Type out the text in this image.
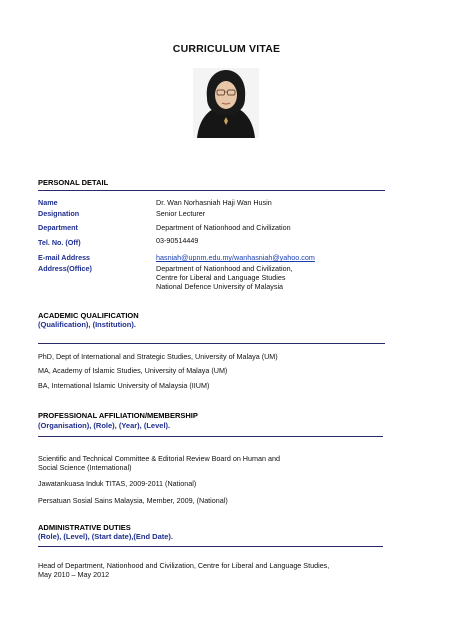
CURRICULUM VITAE
PERSONAL DETAIL
Name	Dr. Wan Norhasniah Haji Wan Husin
Designation	Senior Lecturer
Department	Department of Nationhood and Civilization
Tel. No. (Off)	03-90514449
E-mail Address	hasniah@upnm.edu.my/wanhasniah@yahoo.com
Address(Office)	Department of Nationhood and Civilization,
Centre for Liberal and Language Studies
National Defence University of Malaysia
ACADEMIC QUALIFICATION
(Qualification), (Institution).
PhD, Dept of International and Strategic Studies, University of Malaya (UM)
MA, Academy of Islamic Studies, University of Malaya (UM)
BA, International Islamic University of Malaysia (IIUM)
PROFESSIONAL AFFILIATION/MEMBERSHIP
(Organisation), (Role), (Year), (Level).
Scientific and Technical Committee & Editorial Review Board on Human and
Social Science (International)
Jawatankuasa Induk TITAS, 2009-2011 (National)
Persatuan Sosial Sains Malaysia, Member, 2009, (National)
ADMINISTRATIVE DUTIES
(Role), (Level), (Start date),(End Date).
Head of Department, Nationhood and Civilization, Centre for Liberal and Language Studies,
May 2010 – May 2012
